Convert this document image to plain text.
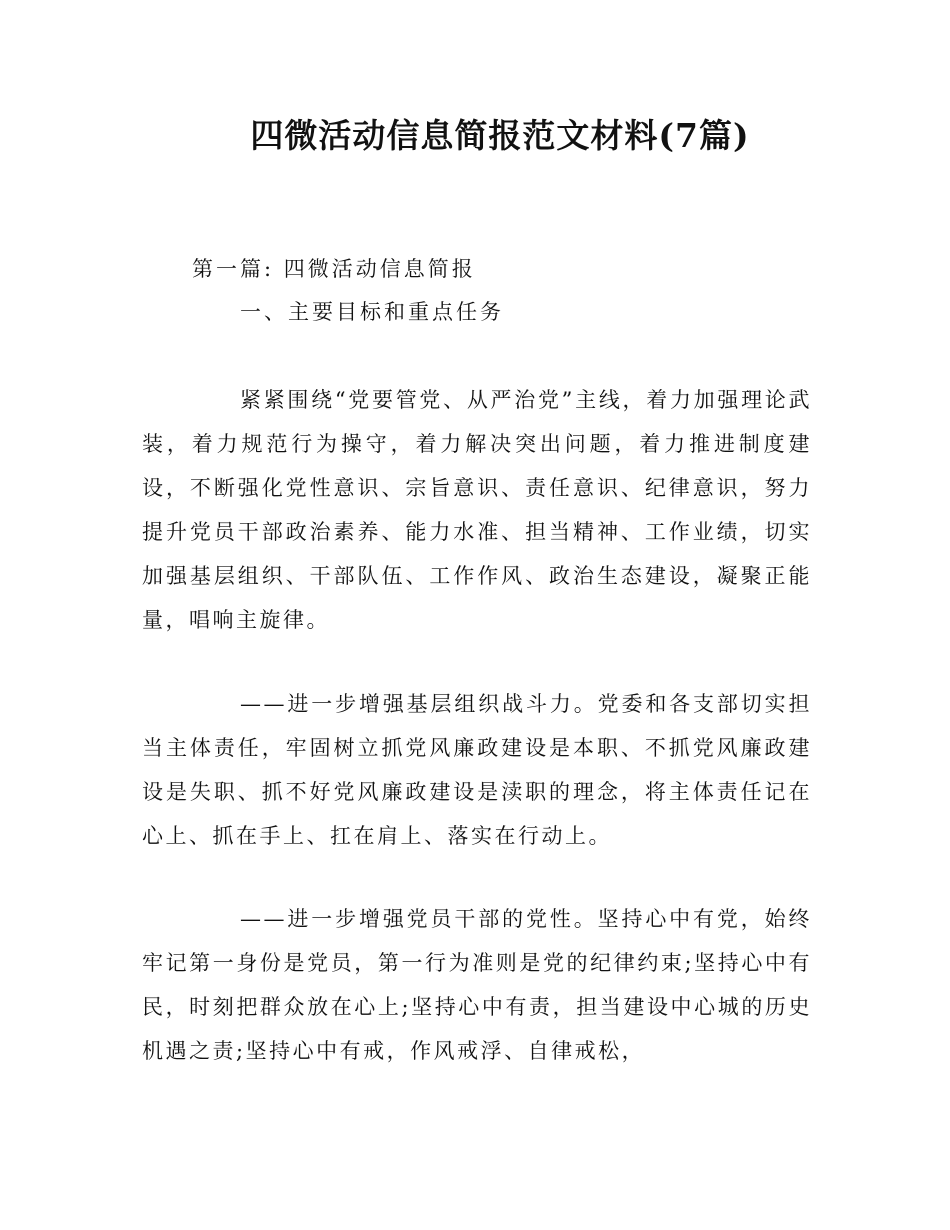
四微活动信息简报范文材料(7篇)
第一篇: 四微活动信息简报
一、主要目标和重点任务

紧紧围绕“党要管党、从严治党”主线，着力加强理论武装，着力规范行为操守，着力解决突出问题，着力推进制度建设，不断强化党性意识、宗旨意识、责任意识、纪律意识，努力提升党员干部政治素养、能力水准、担当精神、工作业绩，切实加强基层组织、干部队伍、工作作风、政治生态建设，凝聚正能量，唱响主旋律。

——进一步增强基层组织战斗力。党委和各支部切实担当主体责任，牢固树立抓党风廉政建设是本职、不抓党风廉政建设是失职、抓不好党风廉政建设是渎职的理念，将主体责任记在心上、抓在手上、扛在肩上、落实在行动上。

——进一步增强党员干部的党性。坚持心中有党，始终牢记第一身份是党员，第一行为准则是党的纪律约束;坚持心中有民，时刻把群众放在心上;坚持心中有责，担当建设中心城的历史机遇之责;坚持心中有戒，作风戒浮、自律戒松，
